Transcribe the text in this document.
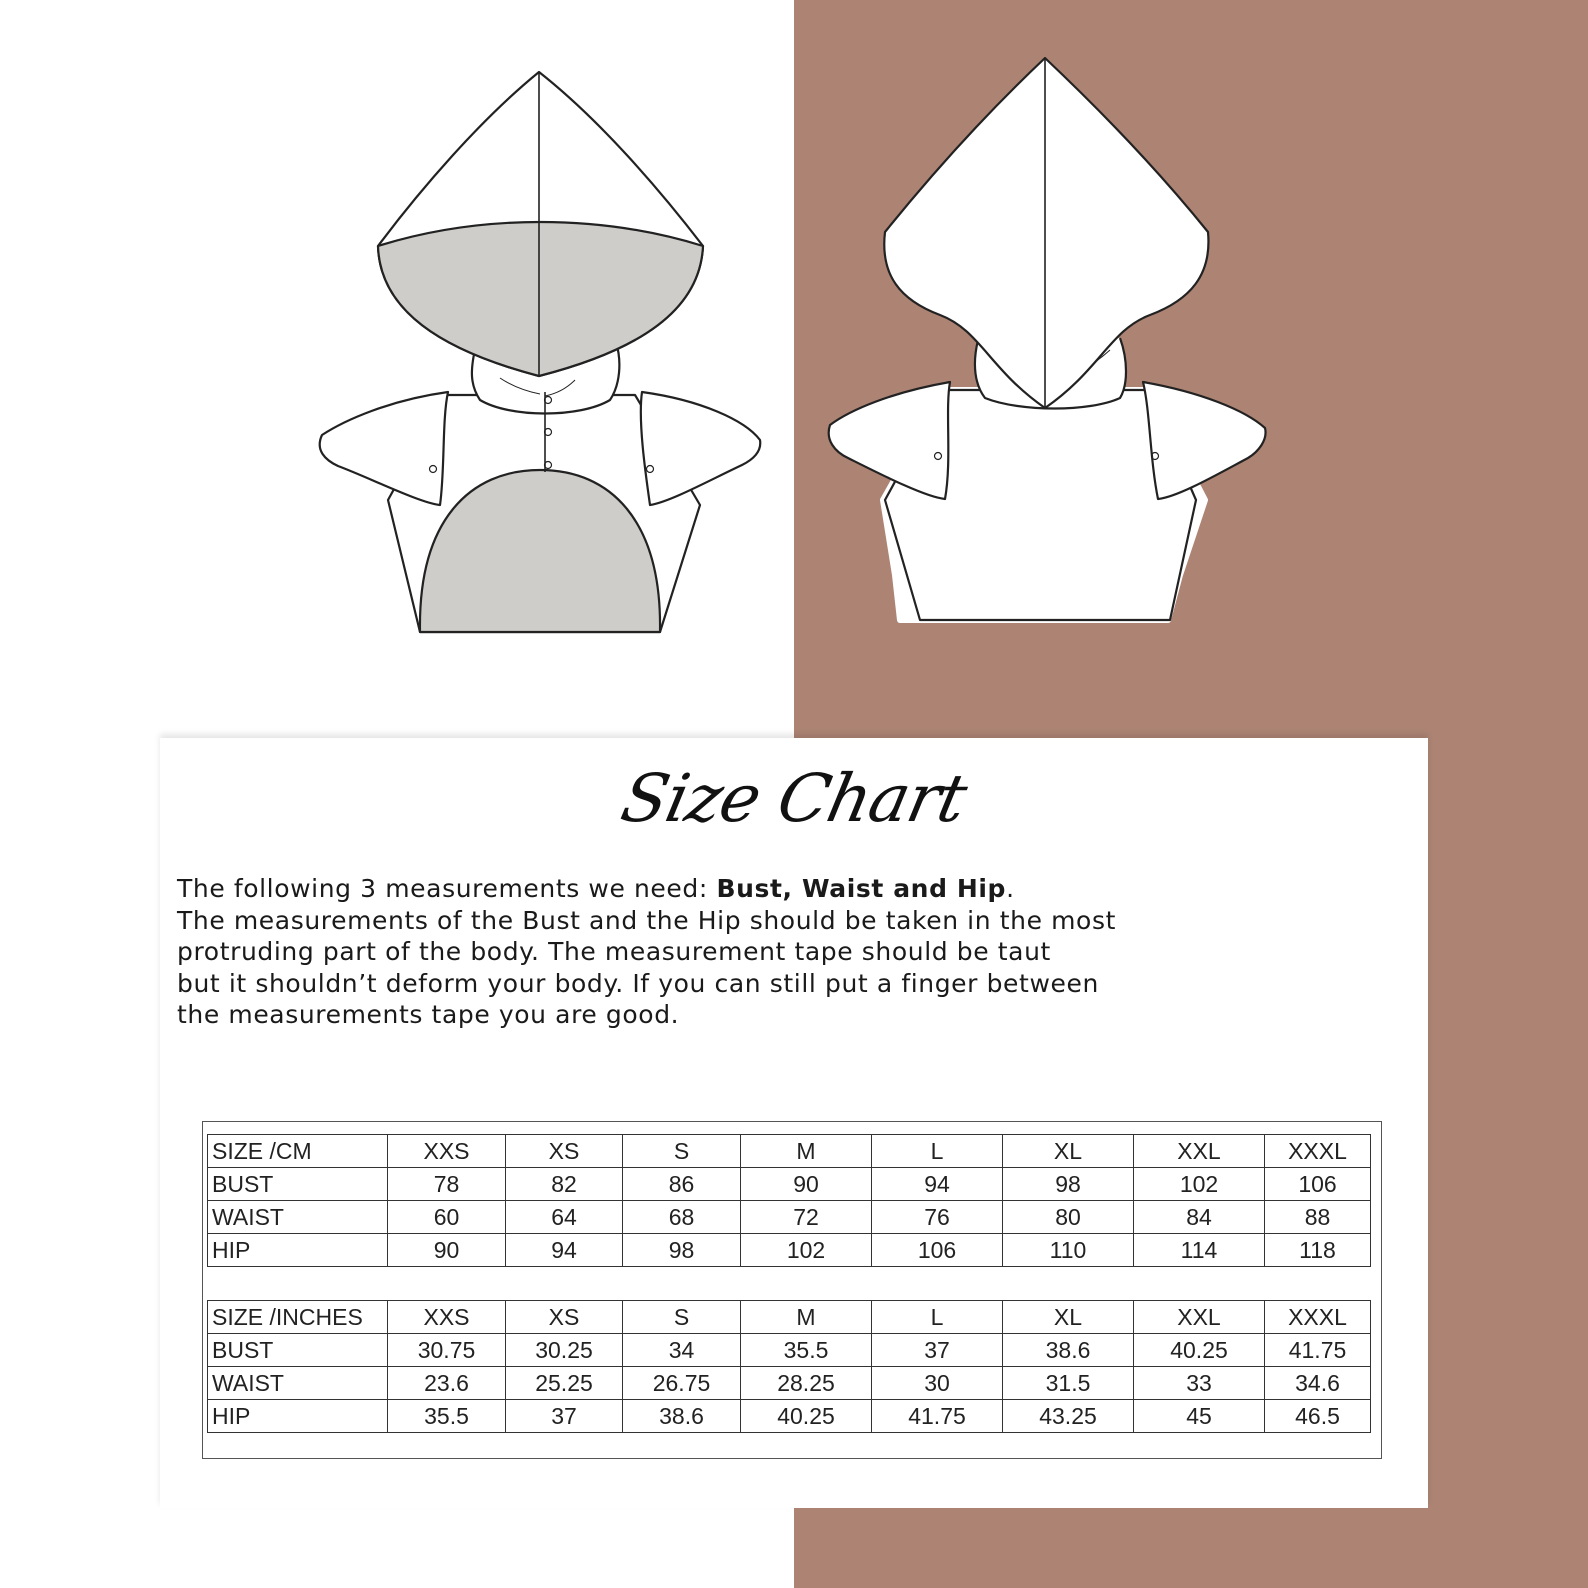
Size Chart

The following 3 measurements we need: Bust, Waist and Hip.

The measurements of the Bust and the Hip should be taken in the most

protruding part of the body. The measurement tape should be taut

but it shouldn’t deform your body. If you can still put a finger between

the measurements tape you are good.

SIZE /CM	XXS	XS	S	M	L	XL	XXL	XXXL
BUST	78	82	86	90	94	98	102	106
WAIST	60	64	68	72	76	80	84	88
HIP	90	94	98	102	106	110	114	118
SIZE /INCHES	XXS	XS	S	M	L	XL	XXL	XXXL
BUST	30.75	30.25	34	35.5	37	38.6	40.25	41.75
WAIST	23.6	25.25	26.75	28.25	30	31.5	33	34.6
HIP	35.5	37	38.6	40.25	41.75	43.25	45	46.5
